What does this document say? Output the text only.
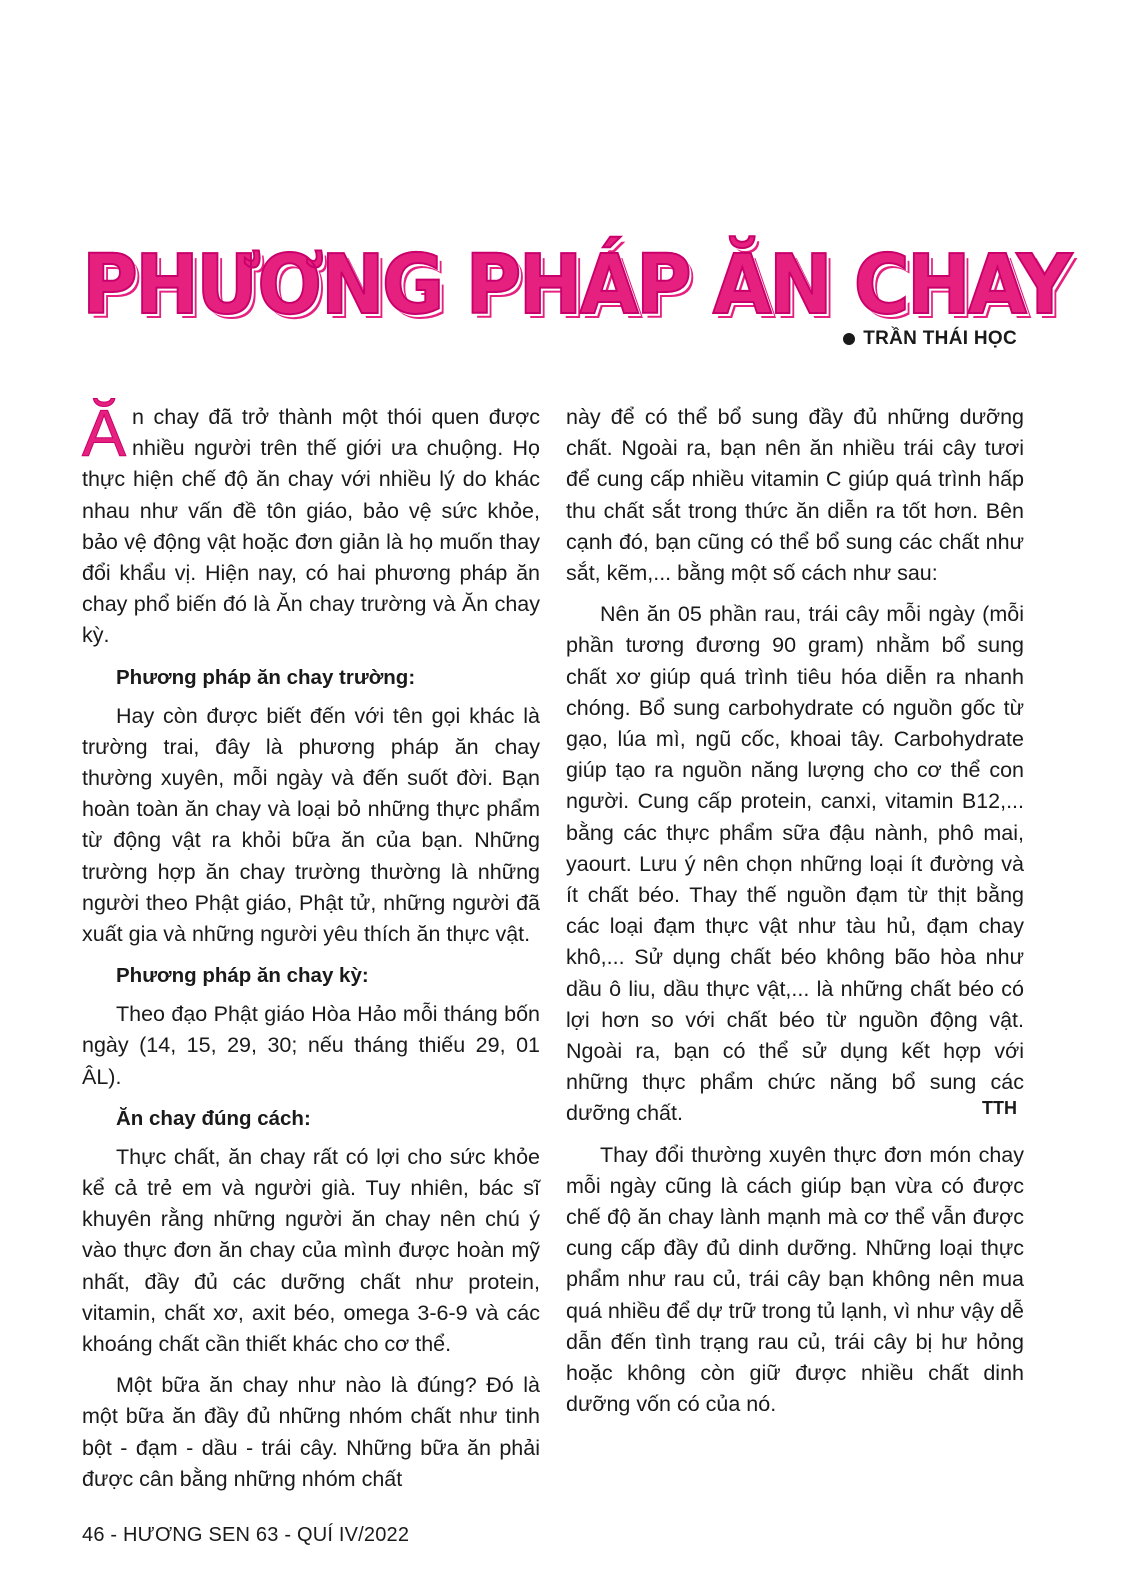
PHƯƠNG PHÁP ĂN CHAY
TRẦN THÁI HỌC

Ăn chay đã trở thành một thói quen được nhiều người trên thế giới ưa chuộng. Họ thực hiện chế độ ăn chay với nhiều lý do khác nhau như vấn đề tôn giáo, bảo vệ sức khỏe, bảo vệ động vật hoặc đơn giản là họ muốn thay đổi khẩu vị. Hiện nay, có hai phương pháp ăn chay phổ biến đó là Ăn chay trường và Ăn chay kỳ.

Phương pháp ăn chay trường:

Hay còn được biết đến với tên gọi khác là trường trai, đây là phương pháp ăn chay thường xuyên, mỗi ngày và đến suốt đời. Bạn hoàn toàn ăn chay và loại bỏ những thực phẩm từ động vật ra khỏi bữa ăn của bạn. Những trường hợp ăn chay trường thường là những người theo Phật giáo, Phật tử, những người đã xuất gia và những người yêu thích ăn thực vật.

Phương pháp ăn chay kỳ:

Theo đạo Phật giáo Hòa Hảo mỗi tháng bốn ngày (14, 15, 29, 30; nếu tháng thiếu 29, 01 ÂL).

Ăn chay đúng cách:

Thực chất, ăn chay rất có lợi cho sức khỏe kể cả trẻ em và người già. Tuy nhiên, bác sĩ khuyên rằng những người ăn chay nên chú ý vào thực đơn ăn chay của mình được hoàn mỹ nhất, đầy đủ các dưỡng chất như protein, vitamin, chất xơ, axit béo, omega 3-6-9 và các khoáng chất cần thiết khác cho cơ thể.

Một bữa ăn chay như nào là đúng? Đó là một bữa ăn đầy đủ những nhóm chất như tinh bột - đạm - dầu - trái cây. Những bữa ăn phải được cân bằng những nhóm chất

này để có thể bổ sung đầy đủ những dưỡng chất. Ngoài ra, bạn nên ăn nhiều trái cây tươi để cung cấp nhiều vitamin C giúp quá trình hấp thu chất sắt trong thức ăn diễn ra tốt hơn. Bên cạnh đó, bạn cũng có thể bổ sung các chất như sắt, kẽm,... bằng một số cách như sau:

Nên ăn 05 phần rau, trái cây mỗi ngày (mỗi phần tương đương 90 gram) nhằm bổ sung chất xơ giúp quá trình tiêu hóa diễn ra nhanh chóng. Bổ sung carbohydrate có nguồn gốc từ gạo, lúa mì, ngũ cốc, khoai tây. Carbohydrate giúp tạo ra nguồn năng lượng cho cơ thể con người. Cung cấp protein, canxi, vitamin B12,... bằng các thực phẩm sữa đậu nành, phô mai, yaourt. Lưu ý nên chọn những loại ít đường và ít chất béo. Thay thế nguồn đạm từ thịt bằng các loại đạm thực vật như tàu hủ, đạm chay khô,... Sử dụng chất béo không bão hòa như dầu ô liu, dầu thực vật,... là những chất béo có lợi hơn so với chất béo từ nguồn động vật. Ngoài ra, bạn có thể sử dụng kết hợp với những thực phẩm chức năng bổ sung các dưỡng chất.

Thay đổi thường xuyên thực đơn món chay mỗi ngày cũng là cách giúp bạn vừa có được chế độ ăn chay lành mạnh mà cơ thể vẫn được cung cấp đầy đủ dinh dưỡng. Những loại thực phẩm như rau củ, trái cây bạn không nên mua quá nhiều để dự trữ trong tủ lạnh, vì như vậy dễ dẫn đến tình trạng rau củ, trái cây bị hư hỏng hoặc không còn giữ được nhiều chất dinh dưỡng vốn có của nó.

TTH
46 - HƯƠNG SEN 63 - QUÍ IV/2022
